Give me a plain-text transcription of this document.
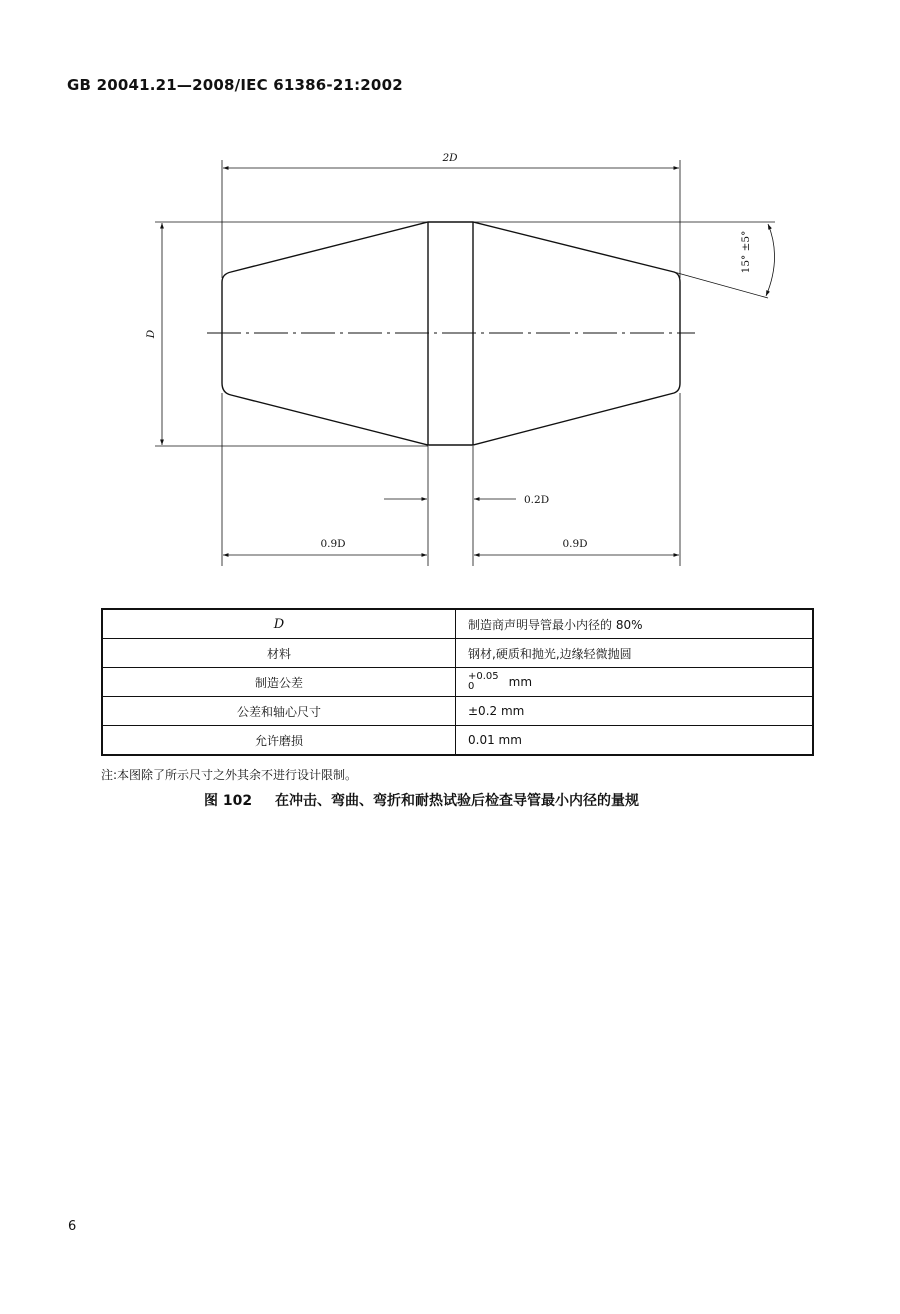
GB 20041.21—2008/IEC 61386-21:2002
2D
D
15° ±5°
0.2D
0.9D	0.9D
D	制造商声明导管最小内径的 80%
材料	钢材,硬质和抛光,边缘轻微抛圆
制造公差	+0.05
0 mm
公差和轴心尺寸	±0.2 mm
允许磨损	0.01 mm
注:本图除了所示尺寸之外其余不进行设计限制。
图 102 在冲击、弯曲、弯折和耐热试验后检查导管最小内径的量规
6
